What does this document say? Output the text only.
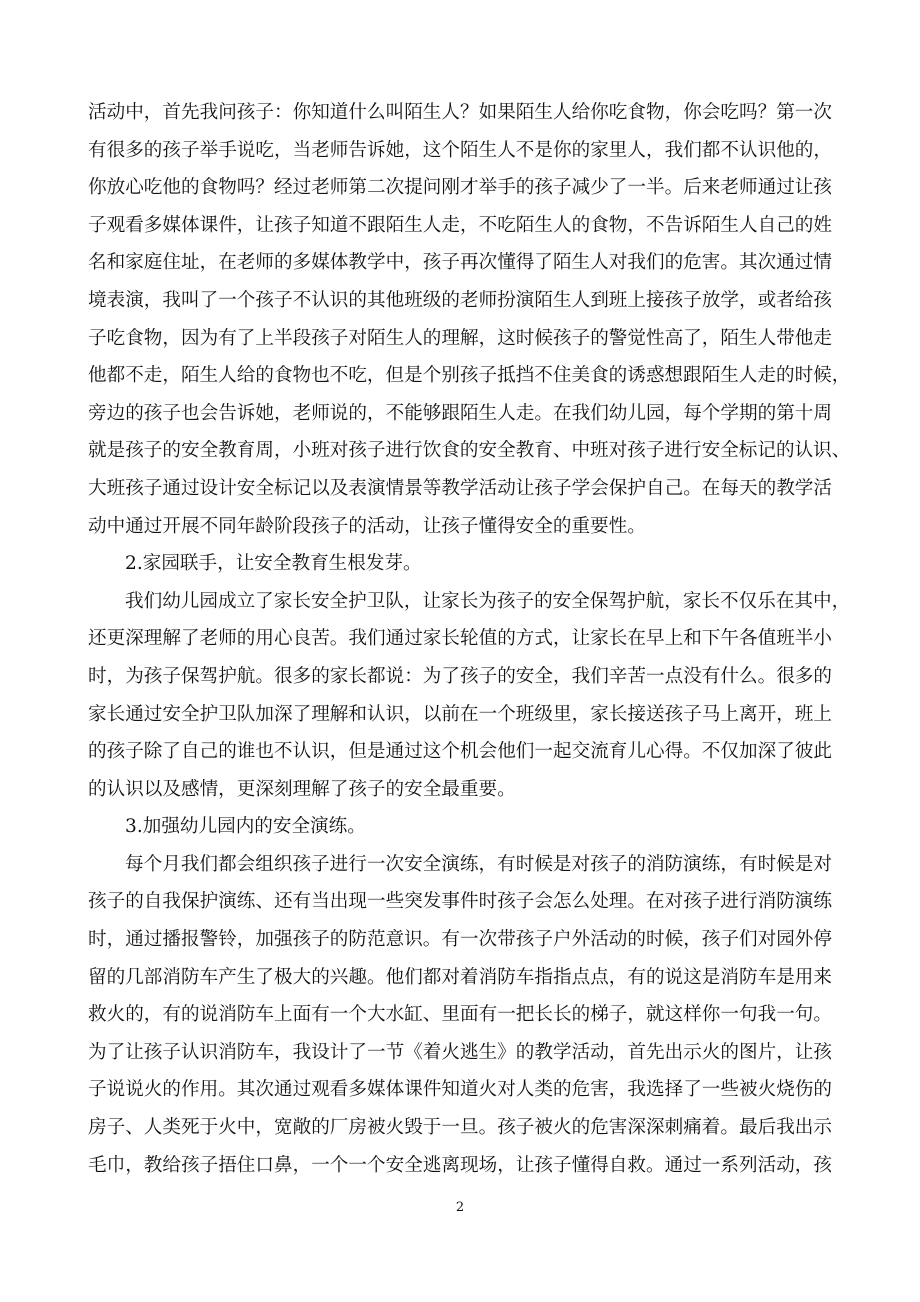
活动中，首先我问孩子：你知道什么叫陌生人？如果陌生人给你吃食物，你会吃吗？第一次
有很多的孩子举手说吃，当老师告诉她，这个陌生人不是你的家里人，我们都不认识他的，
你放心吃他的食物吗？经过老师第二次提问刚才举手的孩子减少了一半。后来老师通过让孩
子观看多媒体课件，让孩子知道不跟陌生人走，不吃陌生人的食物，不告诉陌生人自己的姓
名和家庭住址，在老师的多媒体教学中，孩子再次懂得了陌生人对我们的危害。其次通过情
境表演，我叫了一个孩子不认识的其他班级的老师扮演陌生人到班上接孩子放学，或者给孩
子吃食物，因为有了上半段孩子对陌生人的理解，这时候孩子的警觉性高了，陌生人带他走
他都不走，陌生人给的食物也不吃，但是个别孩子抵挡不住美食的诱惑想跟陌生人走的时候，
旁边的孩子也会告诉她，老师说的，不能够跟陌生人走。在我们幼儿园，每个学期的第十周
就是孩子的安全教育周，小班对孩子进行饮食的安全教育、中班对孩子进行安全标记的认识、
大班孩子通过设计安全标记以及表演情景等教学活动让孩子学会保护自己。在每天的教学活
动中通过开展不同年龄阶段孩子的活动，让孩子懂得安全的重要性。
2.家园联手，让安全教育生根发芽。
我们幼儿园成立了家长安全护卫队，让家长为孩子的安全保驾护航，家长不仅乐在其中，
还更深理解了老师的用心良苦。我们通过家长轮值的方式，让家长在早上和下午各值班半小
时，为孩子保驾护航。很多的家长都说：为了孩子的安全，我们辛苦一点没有什么。很多的
家长通过安全护卫队加深了理解和认识，以前在一个班级里，家长接送孩子马上离开，班上
的孩子除了自己的谁也不认识，但是通过这个机会他们一起交流育儿心得。不仅加深了彼此
的认识以及感情，更深刻理解了孩子的安全最重要。
3.加强幼儿园内的安全演练。
每个月我们都会组织孩子进行一次安全演练，有时候是对孩子的消防演练，有时候是对
孩子的自我保护演练、还有当出现一些突发事件时孩子会怎么处理。在对孩子进行消防演练
时，通过播报警铃，加强孩子的防范意识。有一次带孩子户外活动的时候，孩子们对园外停
留的几部消防车产生了极大的兴趣。他们都对着消防车指指点点，有的说这是消防车是用来
救火的，有的说消防车上面有一个大水缸、里面有一把长长的梯子，就这样你一句我一句。
为了让孩子认识消防车，我设计了一节《着火逃生》的教学活动，首先出示火的图片，让孩
子说说火的作用。其次通过观看多媒体课件知道火对人类的危害，我选择了一些被火烧伤的
房子、人类死于火中，宽敞的厂房被火毁于一旦。孩子被火的危害深深刺痛着。最后我出示
毛巾，教给孩子捂住口鼻，一个一个安全逃离现场，让孩子懂得自救。通过一系列活动，孩
2
